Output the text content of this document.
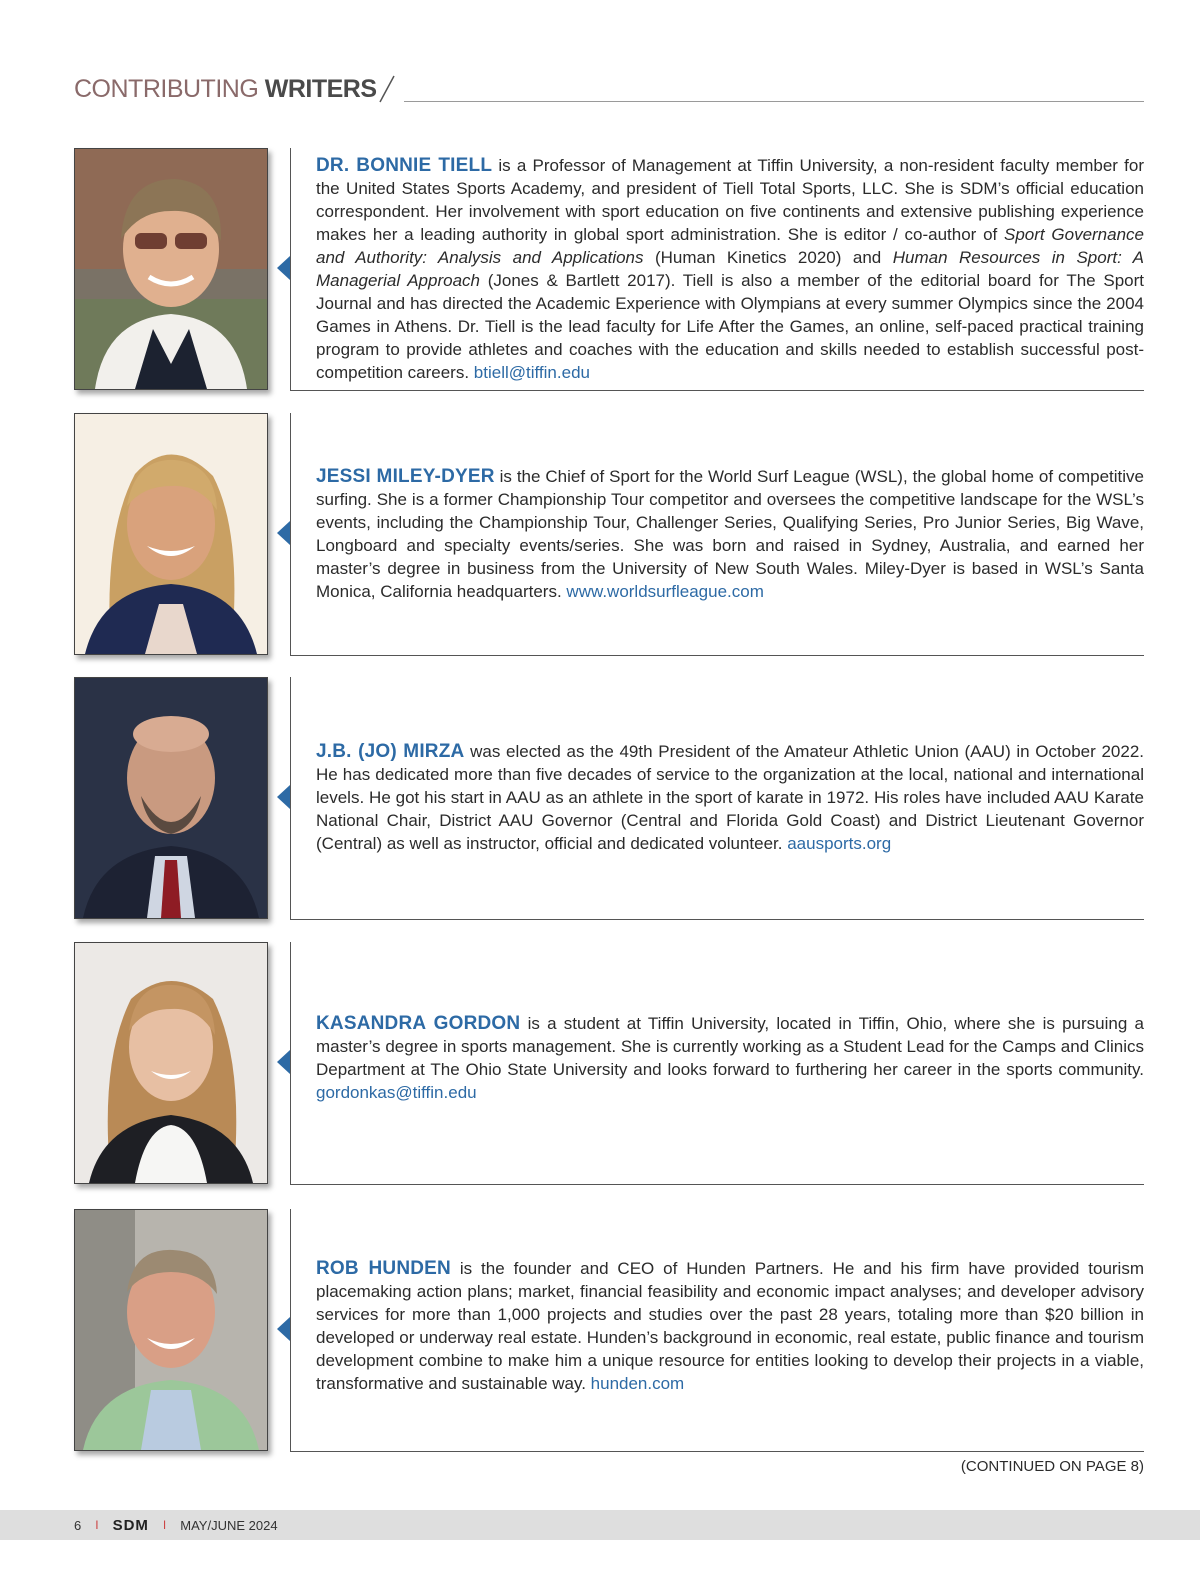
CONTRIBUTING WRITERS
DR. BONNIE TIELL is a Professor of Management at Tiffin University, a non-resident faculty member for the United States Sports Academy, and president of Tiell Total Sports, LLC. She is SDM’s official education correspondent. Her involvement with sport education on five continents and extensive publishing experience makes her a leading authority in global sport administration. She is editor / co-author of Sport Governance and Authority: Analysis and Applications (Human Kinetics 2020) and Human Resources in Sport: A Managerial Approach (Jones & Bartlett 2017). Tiell is also a member of the editorial board for The Sport Journal and has directed the Academic Experience with Olympians at every summer Olympics since the 2004 Games in Athens. Dr. Tiell is the lead faculty for Life After the Games, an online, self-paced practical training program to provide athletes and coaches with the education and skills needed to establish successful post-competition careers. btiell@tiffin.edu
JESSI MILEY-DYER is the Chief of Sport for the World Surf League (WSL), the global home of competitive surfing. She is a former Championship Tour competitor and oversees the competitive landscape for the WSL’s events, including the Championship Tour, Challenger Series, Qualifying Series, Pro Junior Series, Big Wave, Longboard and specialty events/series. She was born and raised in Sydney, Australia, and earned her master’s degree in business from the University of New South Wales. Miley-Dyer is based in WSL’s Santa Monica, California headquarters. www.worldsurfleague.com
J.B. (JO) MIRZA was elected as the 49th President of the Amateur Athletic Union (AAU) in October 2022. He has dedicated more than five decades of service to the organization at the local, national and international levels. He got his start in AAU as an athlete in the sport of karate in 1972. His roles have included AAU Karate National Chair, District AAU Governor (Central and Florida Gold Coast) and District Lieutenant Governor (Central) as well as instructor, official and dedicated volunteer. aausports.org
KASANDRA GORDON is a student at Tiffin University, located in Tiffin, Ohio, where she is pursuing a master’s degree in sports management. She is currently working as a Student Lead for the Camps and Clinics Department at The Ohio State University and looks forward to furthering her career in the sports community. gordonkas@tiffin.edu
ROB HUNDEN is the founder and CEO of Hunden Partners. He and his firm have provided tourism placemaking action plans; market, financial feasibility and economic impact analyses; and developer advisory services for more than 1,000 projects and studies over the past 28 years, totaling more than $20 billion in developed or underway real estate. Hunden’s background in economic, real estate, public finance and tourism development combine to make him a unique resource for entities looking to develop their projects in a viable, transformative and sustainable way. hunden.com
(CONTINUED ON PAGE 8)
6 I SDM I MAY/JUNE 2024
